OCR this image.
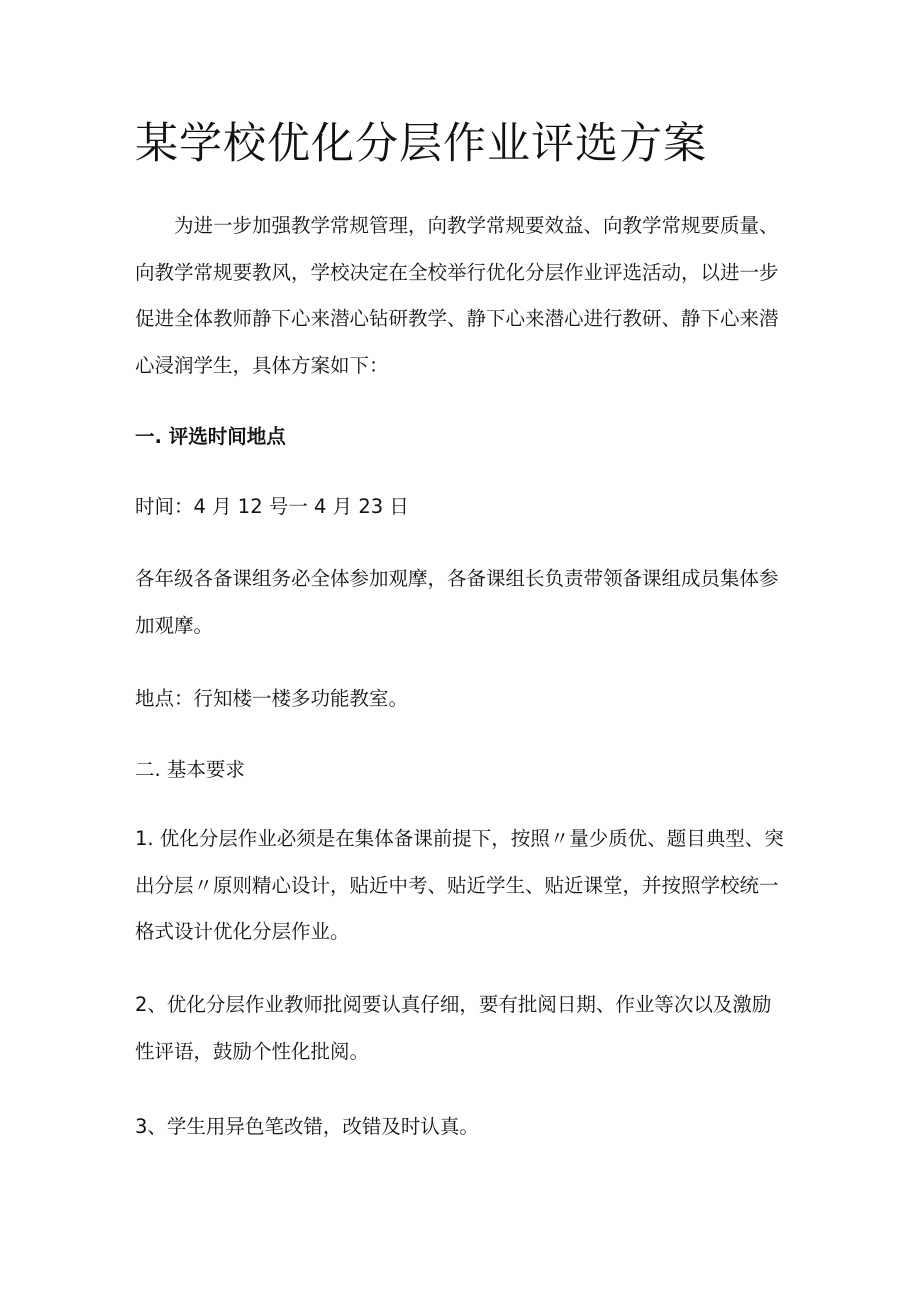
某学校优化分层作业评选方案

为进一步加强教学常规管理，向教学常规要效益、向教学常规要质量、向教学常规要教风，学校决定在全校举行优化分层作业评选活动，以进一步促进全体教师静下心来潜心钻研教学、静下心来潜心进行教研、静下心来潜心浸润学生，具体方案如下：

一. 评选时间地点

时间：4 月 12 号一 4 月 23 日

各年级各备课组务必全体参加观摩，各备课组长负责带领备课组成员集体参加观摩。

地点：行知楼一楼多功能教室。

二. 基本要求

1. 优化分层作业必须是在集体备课前提下，按照〃量少质优、题目典型、突出分层〃原则精心设计，贴近中考、贴近学生、贴近课堂，并按照学校统一格式设计优化分层作业。

2、优化分层作业教师批阅要认真仔细，要有批阅日期、作业等次以及激励性评语，鼓励个性化批阅。

3、学生用异色笔改错，改错及时认真。
